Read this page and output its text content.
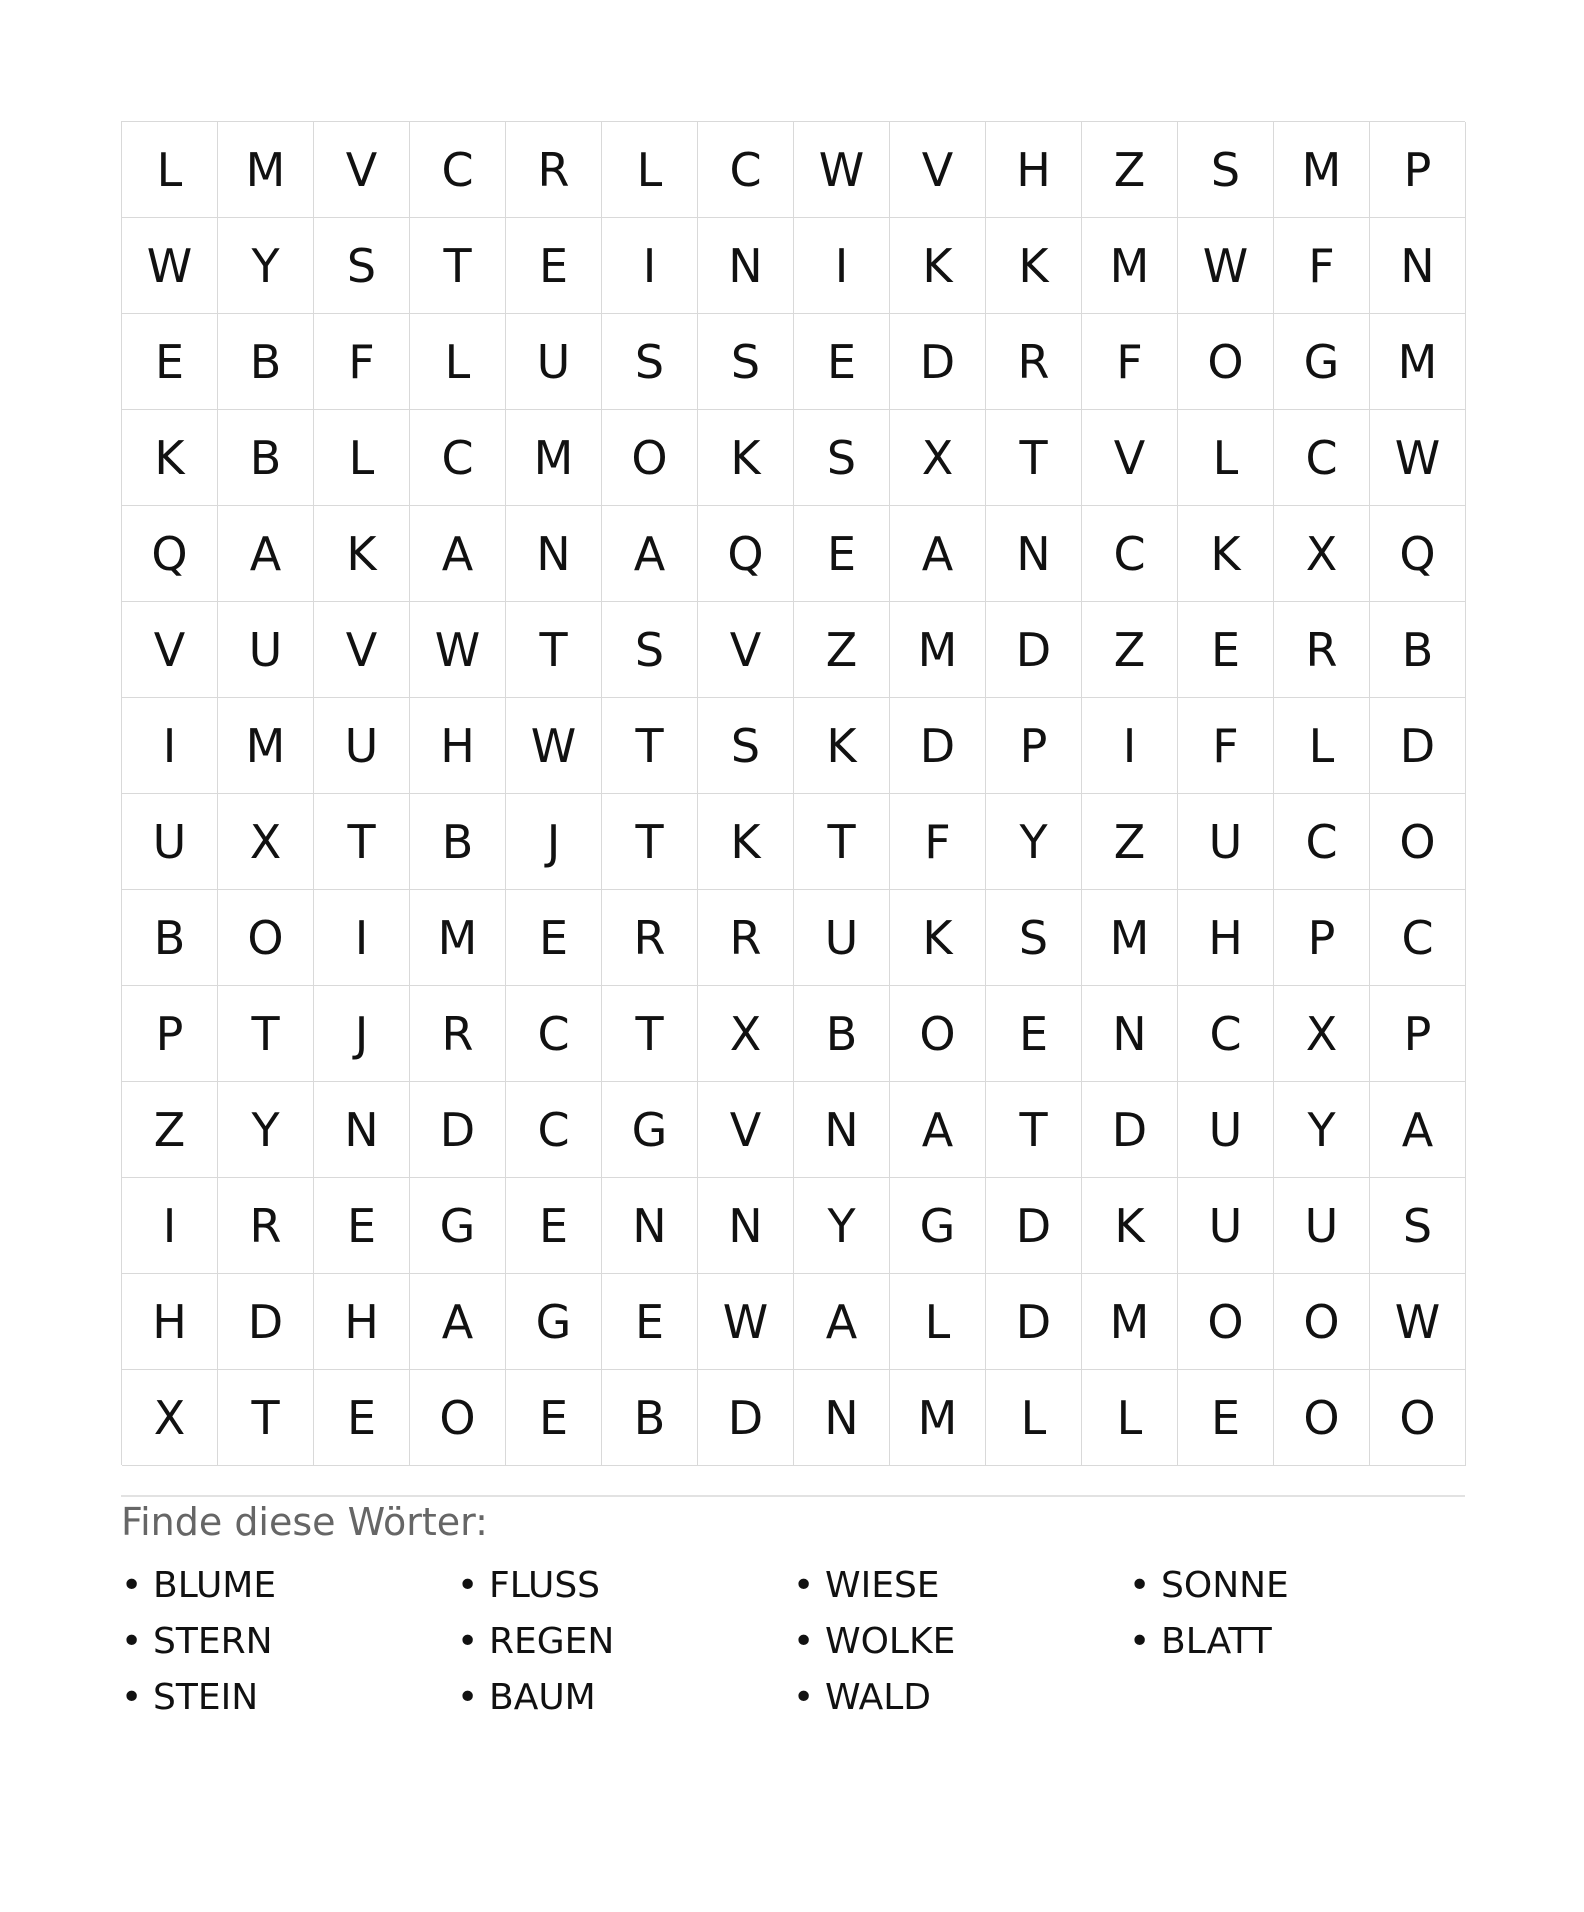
L	M	V	C	R	L	C	W	V	H	Z	S	M	P
W	Y	S	T	E	I	N	I	K	K	M	W	F	N
E	B	F	L	U	S	S	E	D	R	F	O	G	M
K	B	L	C	M	O	K	S	X	T	V	L	C	W
Q	A	K	A	N	A	Q	E	A	N	C	K	X	Q
V	U	V	W	T	S	V	Z	M	D	Z	E	R	B
I	M	U	H	W	T	S	K	D	P	I	F	L	D
U	X	T	B	J	T	K	T	F	Y	Z	U	C	O
B	O	I	M	E	R	R	U	K	S	M	H	P	C
P	T	J	R	C	T	X	B	O	E	N	C	X	P
Z	Y	N	D	C	G	V	N	A	T	D	U	Y	A
I	R	E	G	E	N	N	Y	G	D	K	U	U	S
H	D	H	A	G	E	W	A	L	D	M	O	O	W
X	T	E	O	E	B	D	N	M	L	L	E	O	O
Finde diese Wörter:
• BLUME	• FLUSS	• WIESE	• SONNE
• STERN	• REGEN	• WOLKE	• BLATT
• STEIN	• BAUM	• WALD
